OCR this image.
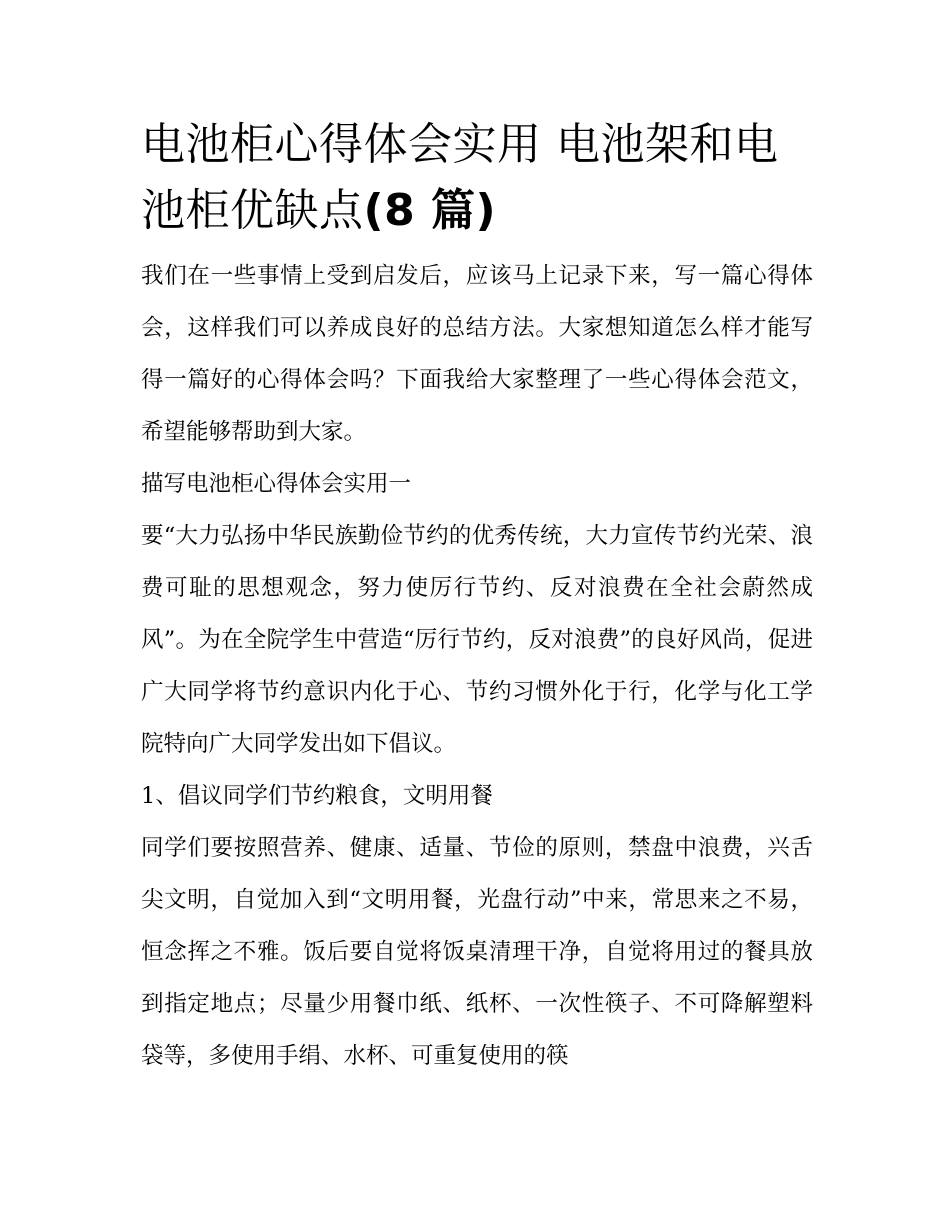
电池柜心得体会实用 电池架和电池柜优缺点(8 篇)

我们在一些事情上受到启发后，应该马上记录下来，写一篇心得体会，这样我们可以养成良好的总结方法。大家想知道怎么样才能写得一篇好的心得体会吗？下面我给大家整理了一些心得体会范文，希望能够帮助到大家。

描写电池柜心得体会实用一

要“大力弘扬中华民族勤俭节约的优秀传统，大力宣传节约光荣、浪费可耻的思想观念，努力使厉行节约、反对浪费在全社会蔚然成风”。为在全院学生中营造“厉行节约，反对浪费”的良好风尚，促进广大同学将节约意识内化于心、节约习惯外化于行，化学与化工学院特向广大同学发出如下倡议。

1、倡议同学们节约粮食，文明用餐

同学们要按照营养、健康、适量、节俭的原则，禁盘中浪费，兴舌尖文明，自觉加入到“文明用餐，光盘行动”中来，常思来之不易，恒念挥之不雅。饭后要自觉将饭桌清理干净，自觉将用过的餐具放到指定地点；尽量少用餐巾纸、纸杯、一次性筷子、不可降解塑料袋等，多使用手绢、水杯、可重复使用的筷
